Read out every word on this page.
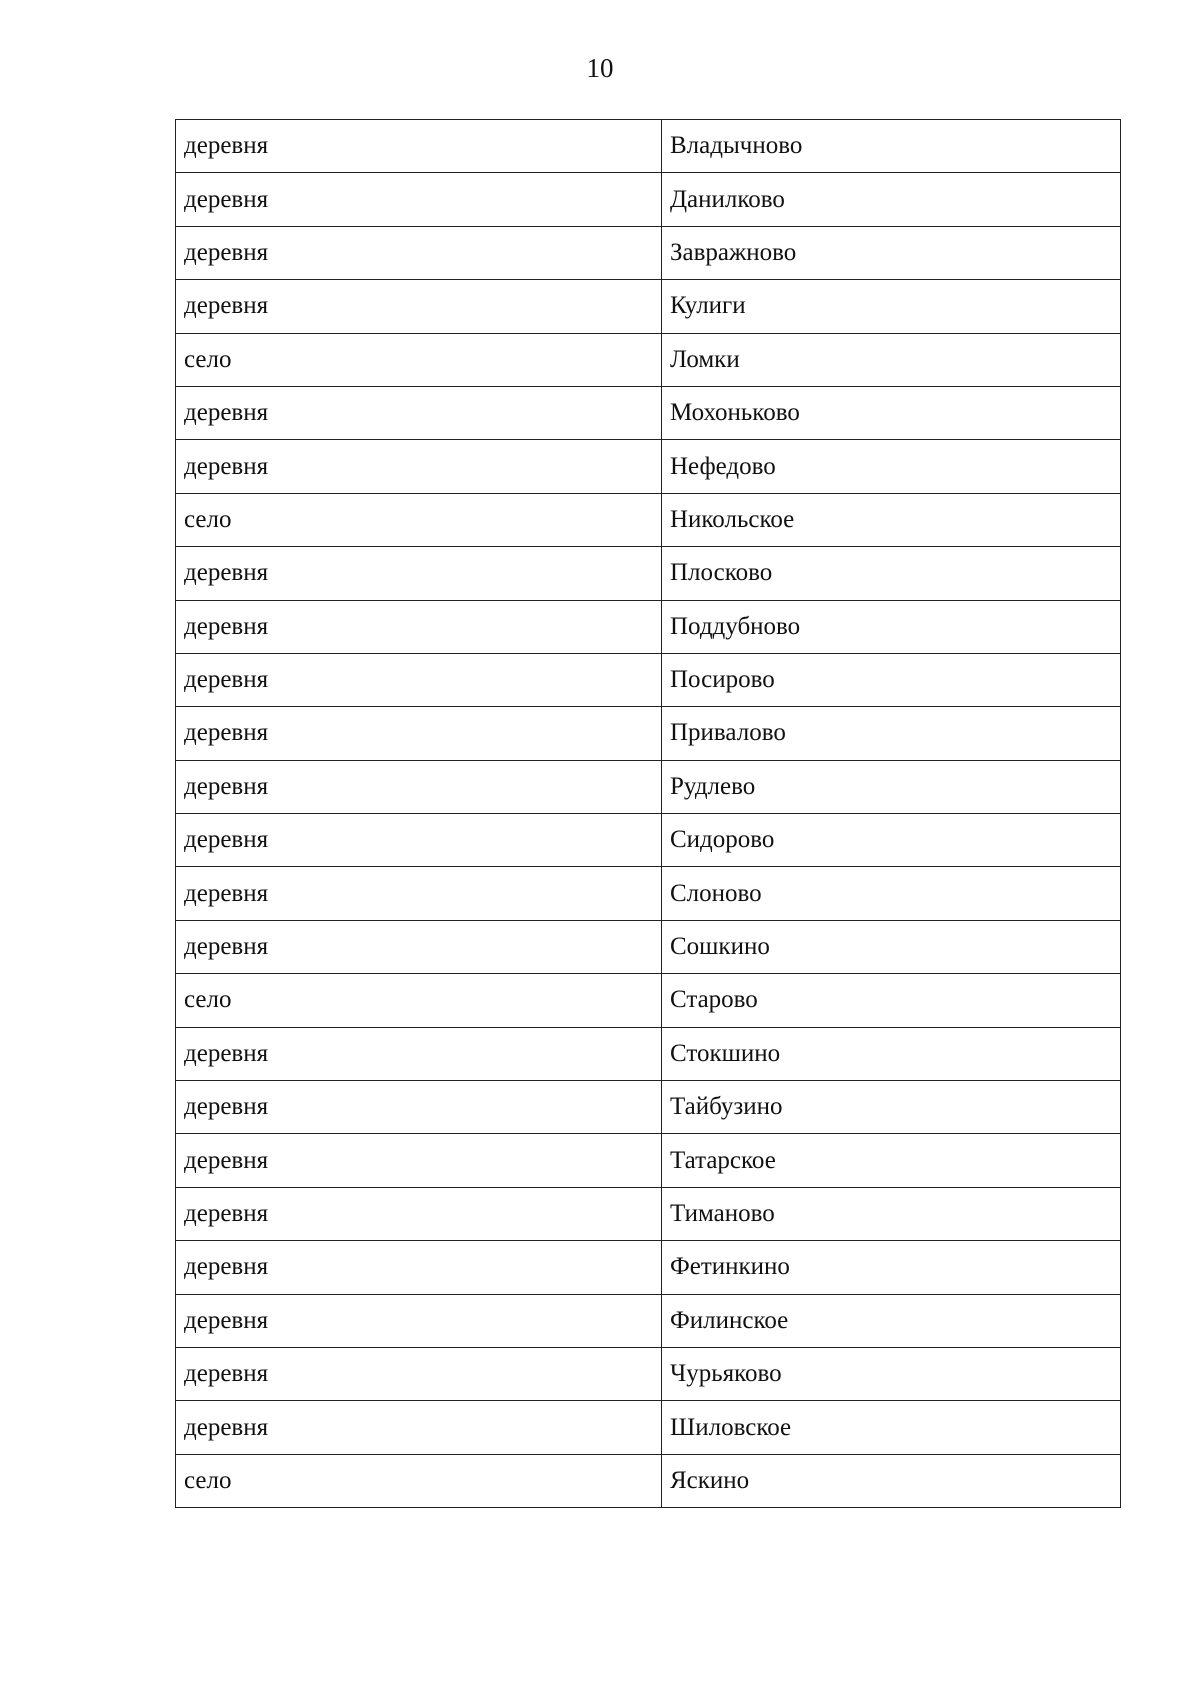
10
деревня	Владычново
деревня	Данилково
деревня	Завражново
деревня	Кулиги
село	Ломки
деревня	Мохоньково
деревня	Нефедово
село	Никольское
деревня	Плосково
деревня	Поддубново
деревня	Посирово
деревня	Привалово
деревня	Рудлево
деревня	Сидорово
деревня	Слоново
деревня	Сошкино
село	Старово
деревня	Стокшино
деревня	Тайбузино
деревня	Татарское
деревня	Тиманово
деревня	Фетинкино
деревня	Филинское
деревня	Чурьяково
деревня	Шиловское
село	Яскино
